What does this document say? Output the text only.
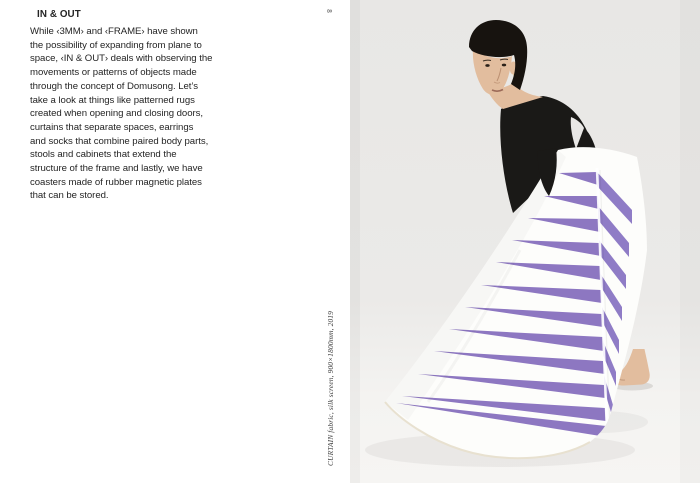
IN & OUT
While ‹3MM› and ‹FRAME› have shown
the possibility of expanding from plane to
space, ‹IN & OUT› deals with observing the
movements or patterns of objects made
through the concept of Domusong. Let’s
take a look at things like patterned rugs
created when opening and closing doors,
curtains that separate spaces, earrings
and socks that combine paired body parts,
stools and cabinets that extend the
structure of the frame and lastly, we have
coasters made of rubber magnetic plates
that can be stored.
8
CURTAIN fabric, silk screen, 900×1800mm, 2019
